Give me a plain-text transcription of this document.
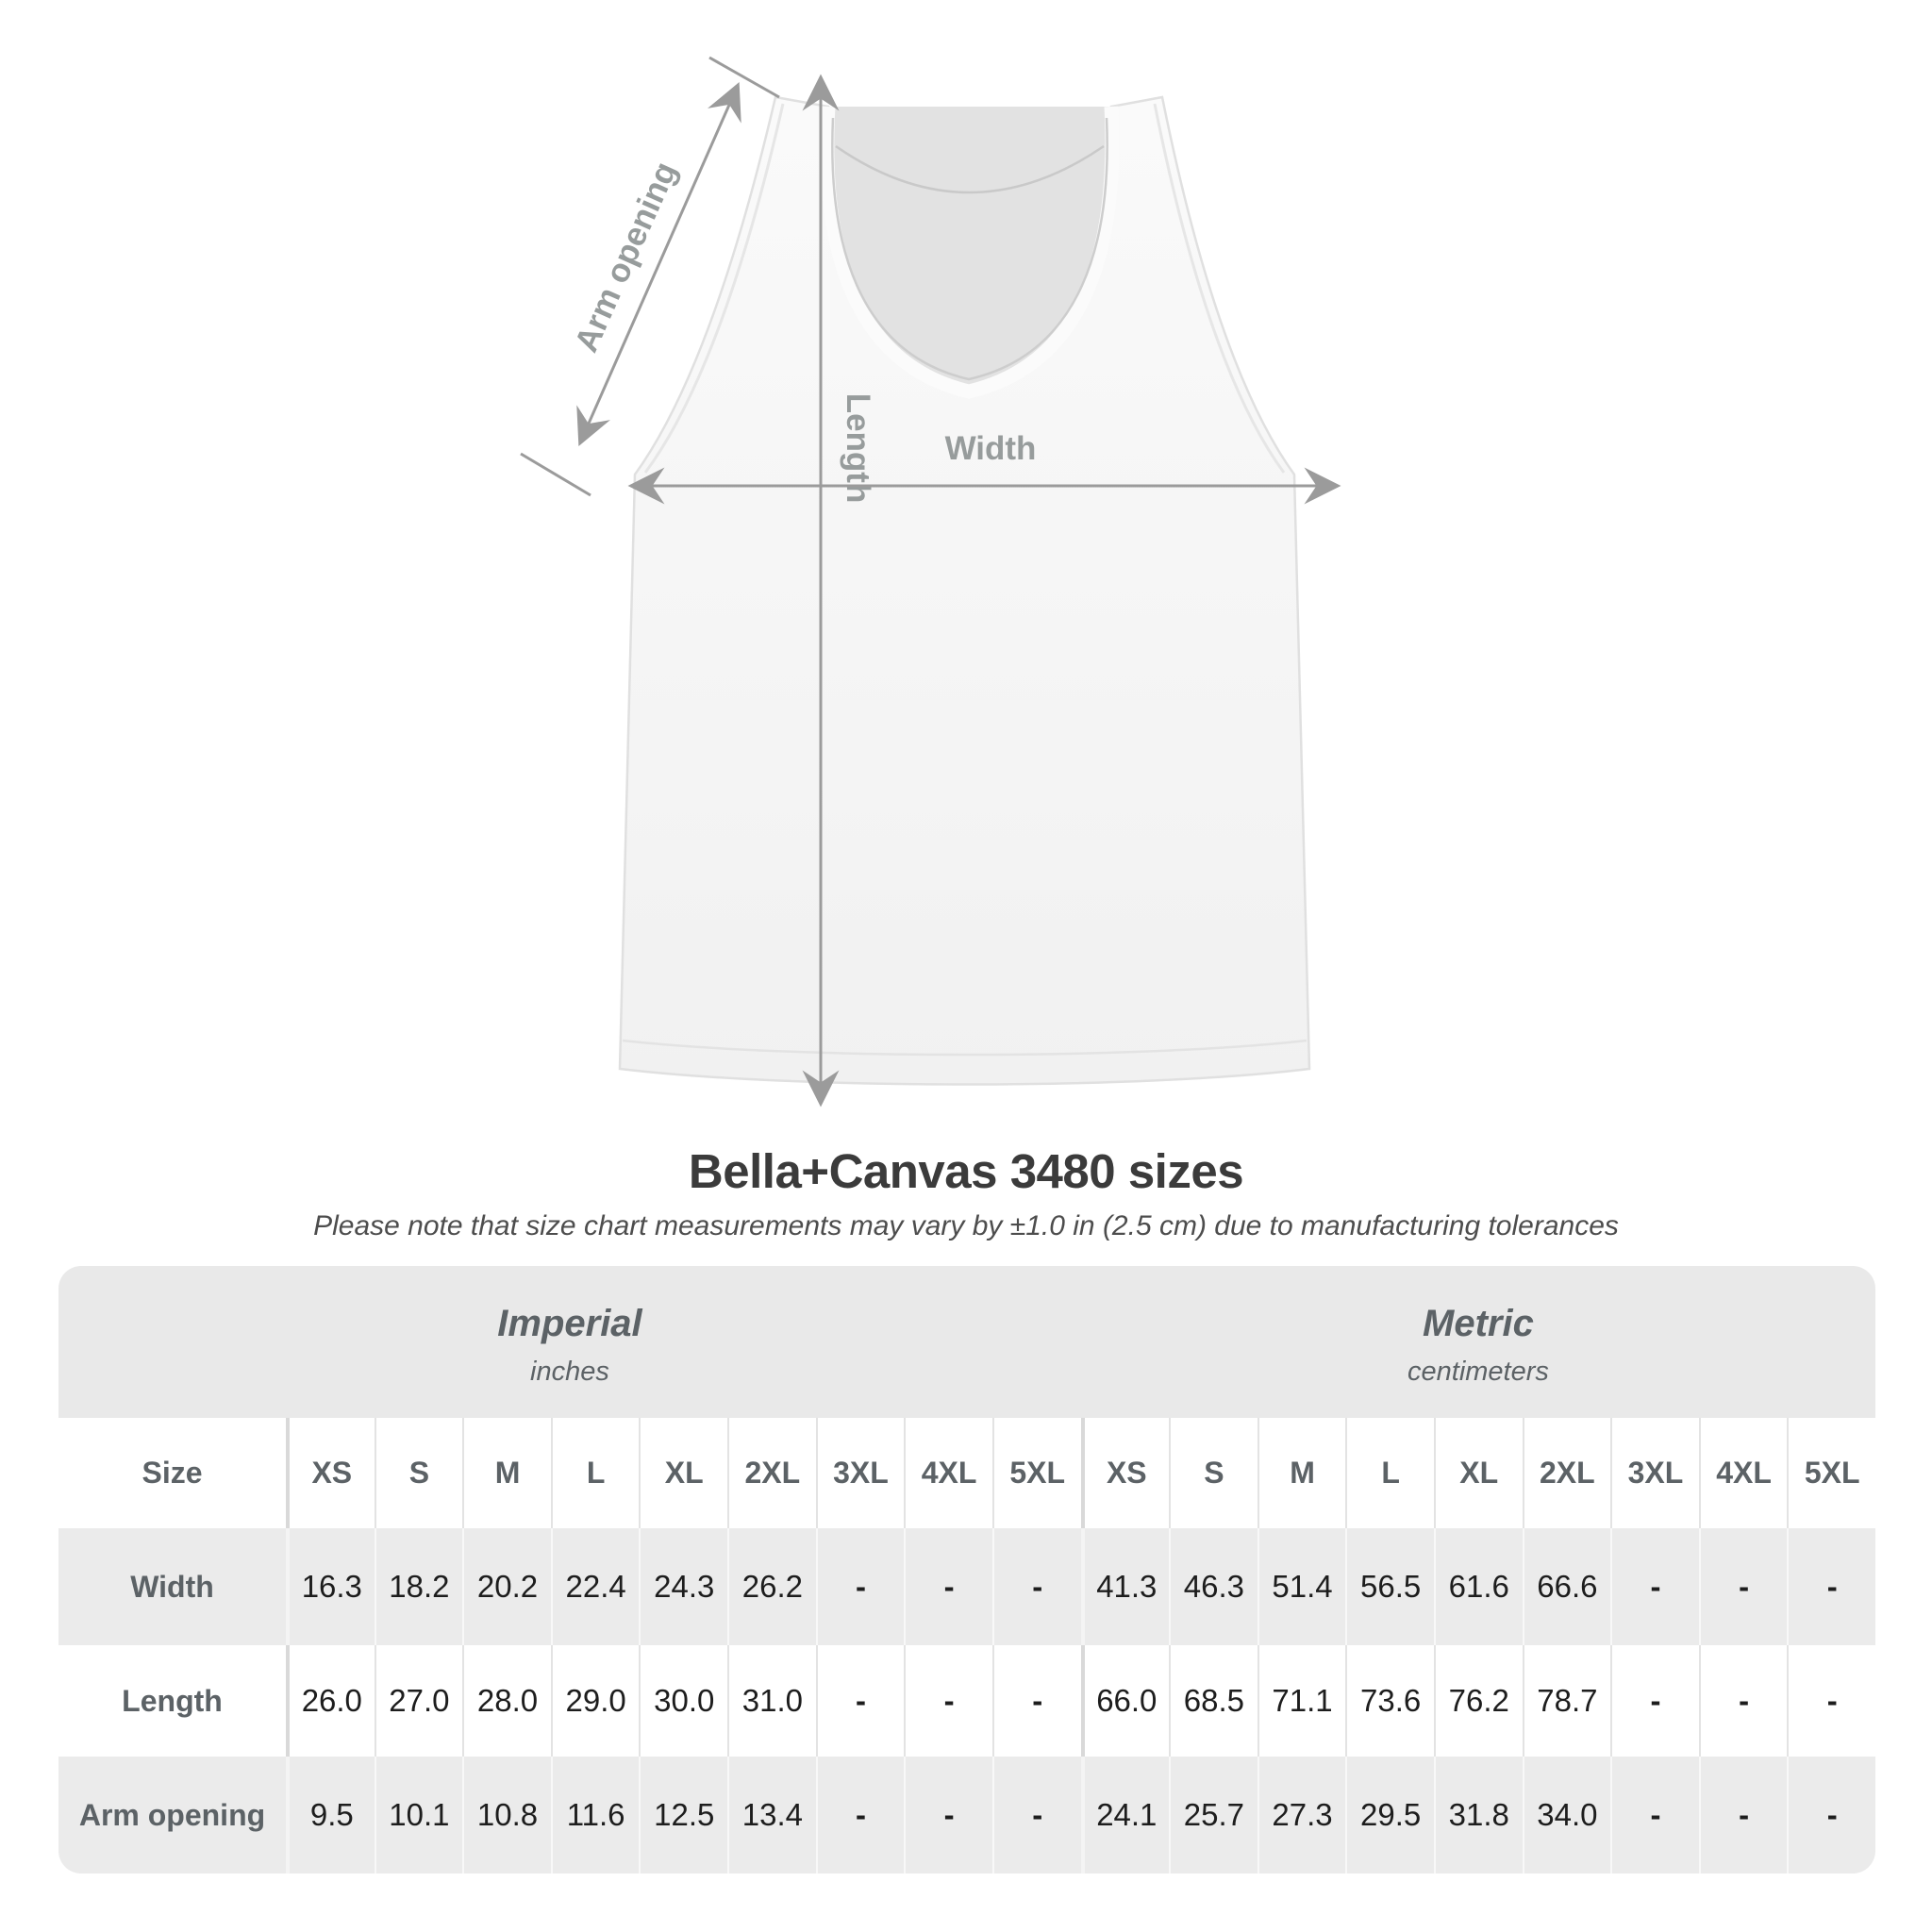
Arm opening
Length Width
Bella+Canvas 3480 sizes

Please note that size chart measurements may vary by ±1.0 in (2.5 cm) due to manufacturing tolerances

Imperial
inches
Metric
centimeters
Size	XS	S	M	L	XL	2XL	3XL	4XL	5XL	XS	S	M	L	XL	2XL	3XL	4XL	5XL
Width	16.3 18.2 20.2 22.4 24.3 26.2	-	-	-	41.3 46.3 51.4 56.5 61.6 66.6	-	-	-
Length	26.0 27.0 28.0 29.0 30.0 31.0	-	-	-	66.0 68.5 71.1 73.6 76.2 78.7	-	-	-
Arm opening	9.5	10.1 10.8 11.6 12.5 13.4	-	-	-	24.1 25.7 27.3 29.5 31.8 34.0	-	-	-
